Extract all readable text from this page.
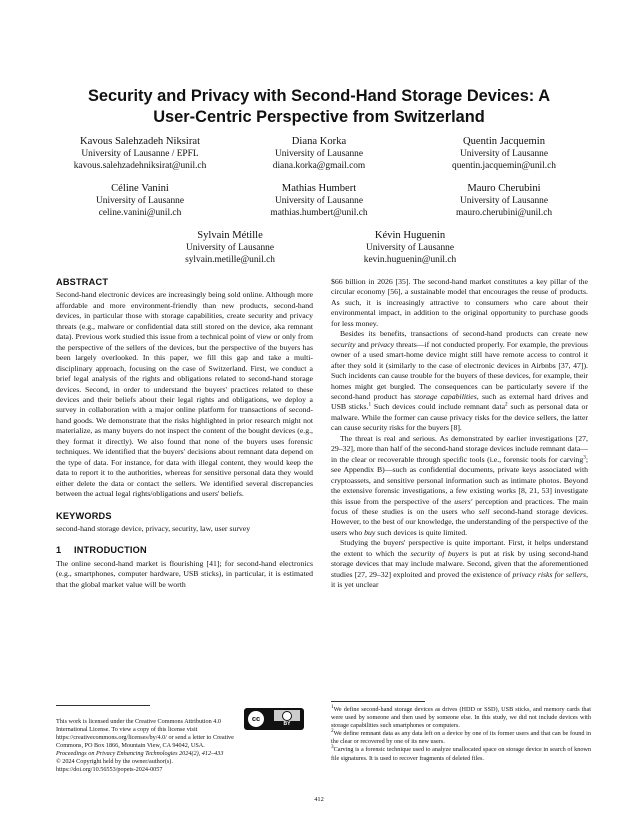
Security and Privacy with Second-Hand Storage Devices: A
User-Centric Perspective from Switzerland
Kavous Salehzadeh Niksirat
University of Lausanne / EPFL
kavous.salehzadehniksirat@unil.ch
Diana Korka
University of Lausanne
diana.korka@gmail.com
Quentin Jacquemin
University of Lausanne
quentin.jacquemin@unil.ch
Céline Vanini
University of Lausanne
celine.vanini@unil.ch
Mathias Humbert
University of Lausanne
mathias.humbert@unil.ch
Mauro Cherubini
University of Lausanne
mauro.cherubini@unil.ch
Sylvain Métille
University of Lausanne
sylvain.metille@unil.ch
Kévin Huguenin
University of Lausanne
kevin.huguenin@unil.ch

ABSTRACT

Second-hand electronic devices are increasingly being sold online. Although more affordable and more environment-friendly than new products, second-hand devices, in particular those with storage capabilities, create security and privacy threats (e.g., malware or confidential data still stored on the device, aka remnant data). Previous work studied this issue from a technical point of view or only from the perspective of the sellers of the devices, but the perspective of the buyers has been largely overlooked. In this paper, we fill this gap and take a multi-disciplinary approach, focusing on the case of Switzerland. First, we conduct a brief legal analysis of the rights and obligations related to second-hand storage devices. Second, in order to understand the buyers' practices related to these devices and their beliefs about their legal rights and obligations, we deploy a survey in collaboration with a major online platform for transactions of second-hand goods. We demonstrate that the risks highlighted in prior research might not materialize, as many buyers do not inspect the content of the bought devices (e.g., they format it directly). We also found that none of the buyers uses forensic techniques. We identified that the buyers' decisions about remnant data depend on the type of data. For instance, for data with illegal content, they would keep the data to report it to the authorities, whereas for sensitive personal data they would either delete the data or contact the sellers. We identified several discrepancies between the actual legal rights/obligations and users' beliefs.

KEYWORDS

second-hand storage device, privacy, security, law, user survey

1 INTRODUCTION

The online second-hand market is flourishing [41]; for second-hand electronics (e.g., smartphones, computer hardware, USB sticks), in particular, it is estimated that the global market value will be worth

$66 billion in 2026 [35]. The second-hand market constitutes a key pillar of the circular economy [56], a sustainable model that encourages the reuse of products. As such, it is increasingly attractive to consumers who care about their environmental impact, in addition to the original opportunity to purchase goods for less money.

Besides its benefits, transactions of second-hand products can create new security and privacy threats—if not conducted properly. For example, the previous owner of a used smart-home device might still have remote access to control it after they sold it (similarly to the case of electronic devices in Airbnbs [37, 47]). Such incidents can cause trouble for the buyers of these devices, for example, their homes might get burgled. The consequences can be particularly severe if the second-hand product has storage capabilities, such as external hard drives and USB sticks.$^1$ Such devices could include remnant data$^2$ such as personal data or malware. While the former can cause privacy risks for the device sellers, the latter can cause security risks for the buyers [8].

The threat is real and serious. As demonstrated by earlier investigations [27, 29–32], more than half of the second-hand storage devices include remnant data—in the clear or recoverable through specific tools (i.e., forensic tools for carving$^3$; see Appendix B)—such as confidential documents, private keys associated with cryptoassets, and sensitive personal information such as intimate photos. Beyond the extensive forensic investigations, a few existing works [8, 21, 53] investigate this issue from the perspective of the users' perception and practices. The main focus of these studies is on the users who sell second-hand storage devices. However, to the best of our knowledge, the understanding of the perspective of the users who buy such devices is quite limited.

Studying the buyers' perspective is quite important. First, it helps understand the extent to which the security of buyers is put at risk by using second-hand storage devices that may include malware. Second, given that the aforementioned studies [27, 29–32] exploited and proved the existence of privacy risks for sellers, it is yet unclear

This work is licensed under the Creative Commons Attribution 4.0 International License. To view a copy of this license visit https://creativecommons.org/licenses/by/4.0/ or send a letter to Creative Commons, PO Box 1866, Mountain View, CA 94042, USA.
cc
BY

Proceedings on Privacy Enhancing Technologies 2024(2), 412–433

© 2024 Copyright held by the owner/author(s).

https://doi.org/10.56553/popets-2024-0057

$^1$We define second-hand storage devices as drives (HDD or SSD), USB sticks, and memory cards that were used by someone and then used by someone else. In this study, we did not include devices with storage capabilities such smartphones or computers.

$^2$We define remnant data as any data left on a device by one of its former users and that can be found in the clear or recovered by one of its new users.

$^3$Carving is a forensic technique used to analyze unallocated space on storage device in search of known file signatures. It is used to recover fragments of deleted files.

412
